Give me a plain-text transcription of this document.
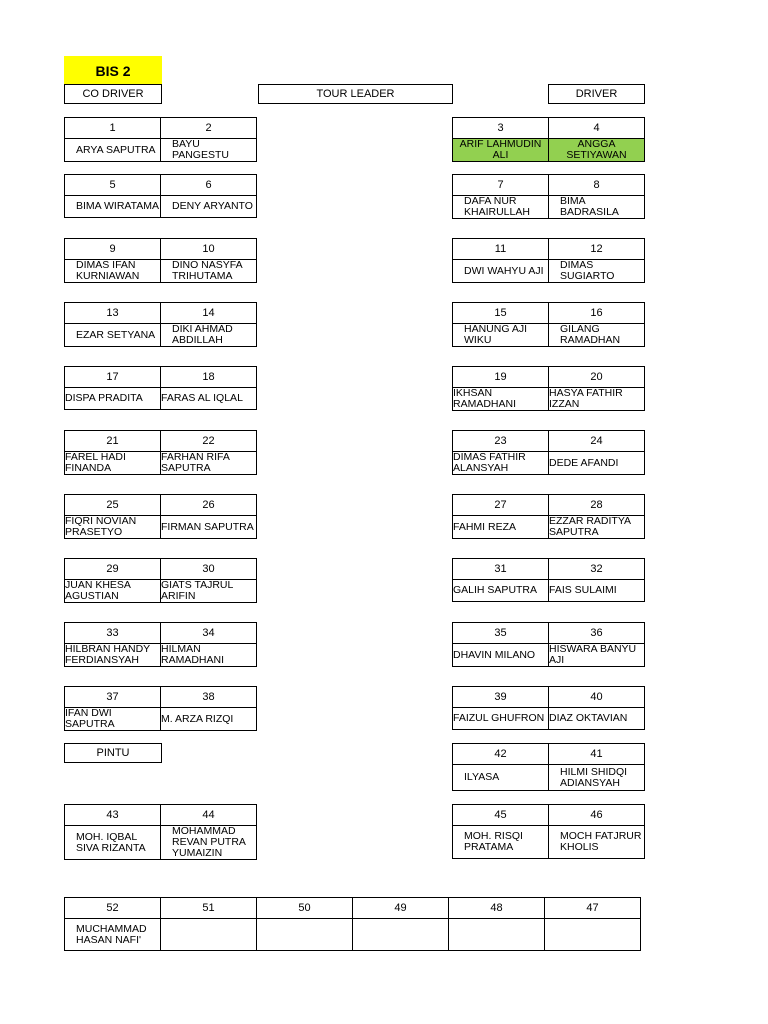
BIS 2
CO DRIVER	TOUR LEADER	DRIVER
PINTU
1	2
ARYA SAPUTRA	BAYU PANGESTU
5	6
BIMA WIRATAMA	DENY ARYANTO
9	10
DIMAS IFAN KURNIAWAN	DINO NASYFA TRIHUTAMA
13	14
EZAR SETYANA	DIKI AHMAD ABDILLAH
17	18
DISPA PRADITA	FARAS AL IQLAL
21	22
FAREL HADI FINANDA	FARHAN RIFA SAPUTRA
25	26
FIQRI NOVIAN PRASETYO	FIRMAN SAPUTRA
29	30
JUAN KHESA AGUSTIAN	GIATS TAJRUL ARIFIN
33	34
HILBRAN HANDY FERDIANSYAH	HILMAN RAMADHANI
37	38
IFAN DWI SAPUTRA	M. ARZA RIZQI
43	44
MOH. IQBAL SIVA RIZANTA	MOHAMMAD REVAN PUTRA YUMAIZIN
3	4
ARIF LAHMUDIN ALI	ANGGA SETIYAWAN
7	8
DAFA NUR KHAIRULLAH	BIMA BADRASILA
11	12
DWI WAHYU AJI	DIMAS SUGIARTO
15	16
HANUNG AJI WIKU	GILANG RAMADHAN
19	20
IKHSAN RAMADHANI	HASYA FATHIR IZZAN
23	24
DIMAS FATHIR ALANSYAH	DEDE AFANDI
27	28
FAHMI REZA	EZZAR RADITYA SAPUTRA
31	32
GALIH SAPUTRA	FAIS SULAIMI
35	36
DHAVIN MILANO	HISWARA BANYU AJI
39	40
FAIZUL GHUFRON	DIAZ OKTAVIAN
42	41
ILYASA	HILMI SHIDQI ADIANSYAH
45	46
MOH. RISQI PRATAMA	MOCH FATJRUR KHOLIS
52	51	50	49	48	47
MUCHAMMAD HASAN NAFI'					
